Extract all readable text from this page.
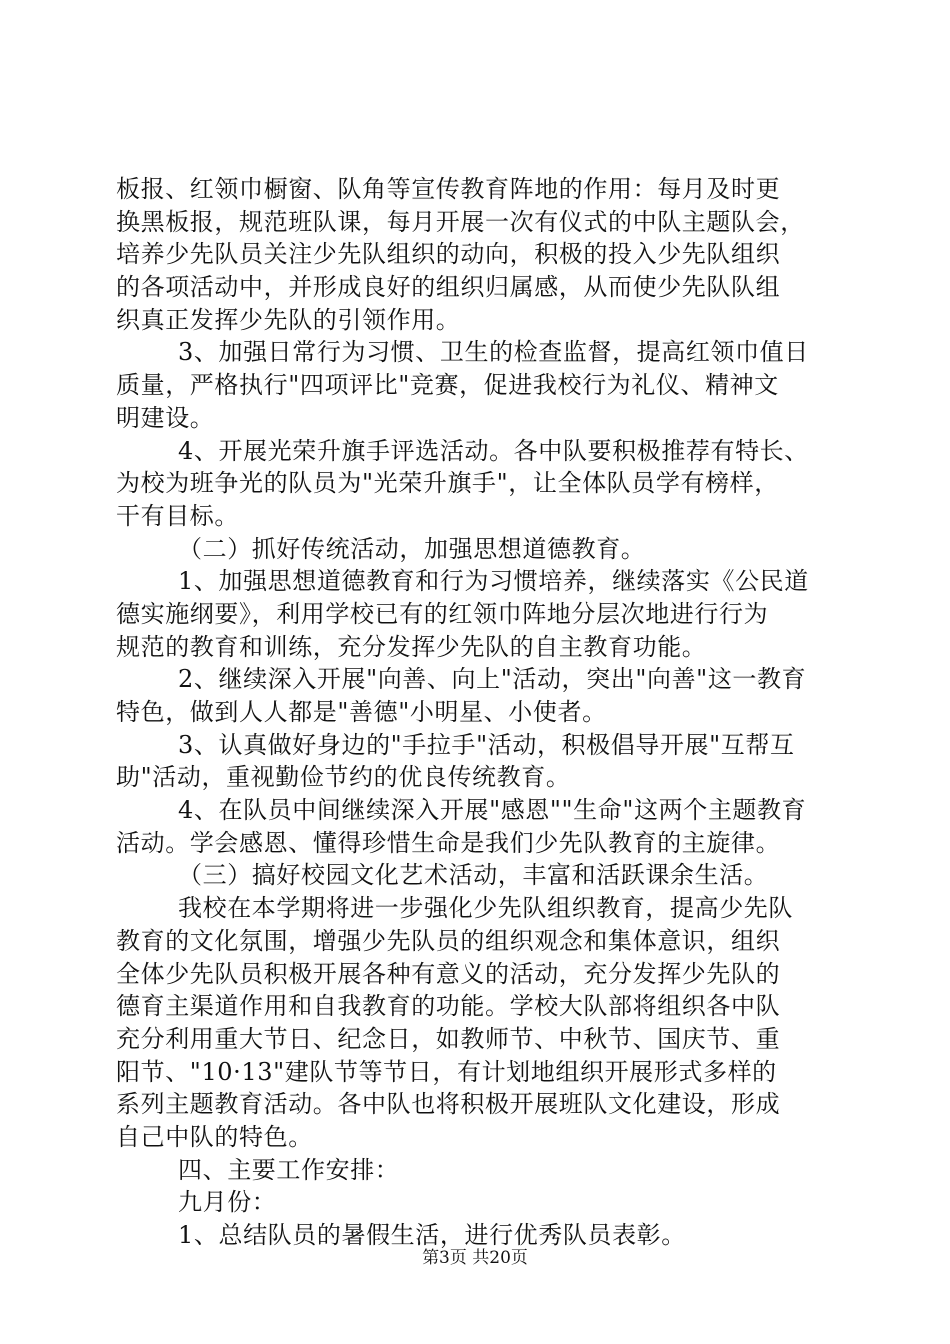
板报、红领巾橱窗、队角等宣传教育阵地的作用：每月及时更
换黑板报，规范班队课，每月开展一次有仪式的中队主题队会，
培养少先队员关注少先队组织的动向，积极的投入少先队组织
的各项活动中，并形成良好的组织归属感，从而使少先队队组
织真正发挥少先队的引领作用。
3、加强日常行为习惯、卫生的检查监督，提高红领巾值日
质量，严格执行"四项评比"竞赛，促进我校行为礼仪、精神文
明建设。
4、开展光荣升旗手评选活动。各中队要积极推荐有特长、
为校为班争光的队员为"光荣升旗手"，让全体队员学有榜样，
干有目标。
（二）抓好传统活动，加强思想道德教育。
1、加强思想道德教育和行为习惯培养，继续落实《公民道
德实施纲要》，利用学校已有的红领巾阵地分层次地进行行为
规范的教育和训练，充分发挥少先队的自主教育功能。
2、继续深入开展"向善、向上"活动，突出"向善"这一教育
特色，做到人人都是"善德"小明星、小使者。
3、认真做好身边的"手拉手"活动，积极倡导开展"互帮互
助"活动，重视勤俭节约的优良传统教育。
4、在队员中间继续深入开展"感恩""生命"这两个主题教育
活动。学会感恩、懂得珍惜生命是我们少先队教育的主旋律。
（三）搞好校园文化艺术活动，丰富和活跃课余生活。
我校在本学期将进一步强化少先队组织教育，提高少先队
教育的文化氛围，增强少先队员的组织观念和集体意识，组织
全体少先队员积极开展各种有意义的活动，充分发挥少先队的
德育主渠道作用和自我教育的功能。学校大队部将组织各中队
充分利用重大节日、纪念日，如教师节、中秋节、国庆节、重
阳节、"10·13"建队节等节日，有计划地组织开展形式多样的
系列主题教育活动。各中队也将积极开展班队文化建设，形成
自己中队的特色。
四、主要工作安排：
九月份：
1、总结队员的暑假生活，进行优秀队员表彰。
第3页 共20页
